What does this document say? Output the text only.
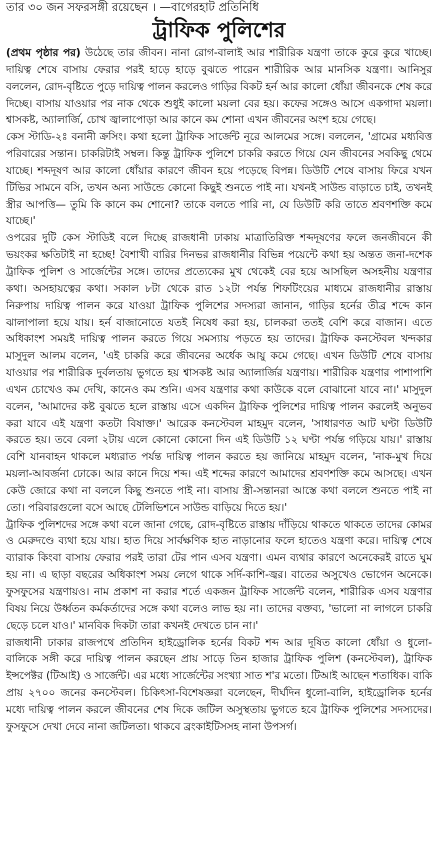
তার ৩০ জন সফরসঙ্গী রয়েছেন । —বাগেরহাট প্রতিনিধি
ট্রাফিক পুলিশের

(প্রথম পৃষ্ঠার পর) উঠেছে তার জীবন। নানা রোগ-বালাই আর শারীরিক যন্ত্রণা তাকে কুরে কুরে খাচ্ছে। দায়িত্ব শেষে বাসায় ফেরার পরই হাড়ে হাড়ে বুঝতে পারেন শারীরিক আর মানসিক যন্ত্রণা। আনিসুর বললেন, রোদ-বৃষ্টিতে পুড়ে দায়িত্ব পালন করলেও গাড়ির বিকট হর্ন আর কালো ধোঁয়া জীবনকে শেষ করে দিচ্ছে। বাসায় যাওয়ার পর নাক থেকে শুধুই কালো ময়লা বের হয়। কফের সঙ্গেও আসে একগাদা ময়লা। শ্বাসকষ্ট, অ্যালার্জি, চোখ জ্বালাপোড়া আর কানে কম শোনা এখন জীবনের অংশ হয়ে গেছে।

কেস স্টাডি-২ঃ বনানী ক্রসিং। কথা হলো ট্রাফিক সার্জেন্ট নূরে আলমের সঙ্গে। বললেন, 'গ্রামের মধ্যবিত্ত পরিবারের সন্তান। চাকরিটাই সম্বল। কিন্তু ট্রাফিক পুলিশে চাকরি করতে গিয়ে যেন জীবনের সবকিছু থেমে যাচ্ছে। শব্দদূষণ আর কালো ধোঁয়ার কারণে জীবন হয়ে পড়েছে বিপন্ন। ডিউটি শেষে বাসায় ফিরে যখন টিভির সামনে বসি, তখন অন্য সাউন্ডে কোনো কিছুই শুনতে পাই না। যখনই সাউন্ড বাড়াতে চাই, তখনই স্ত্রীর আপত্তি— তুমি কি কানে কম শোনো? তাকে বলতে পারি না, যে ডিউটি করি তাতে শ্রবণশক্তি কমে যাচ্ছে।'

ওপরের দুটি কেস স্টাডিই বলে দিচ্ছে রাজধানী ঢাকায় মাত্রাতিরিক্ত শব্দদূষণের ফলে জনজীবনে কী ভয়ংকর ক্ষতিটাই না হচ্ছে! বৈশাখী বারির দিনভর রাজধানীর বিভিন্ন পয়েন্টে কথা হয় অন্তত জনা-দশেক ট্রাফিক পুলিশ ও সার্জেন্টের সঙ্গে। তাদের প্রত্যেকের মুখ থেকেই বের হয়ে আসছিল অসহনীয় যন্ত্রণার কথা। অসহায়ত্বের কথা। সকাল ৮টা থেকে রাত ১২টা পর্যন্ত শিফটিংয়ের মাধ্যমে রাজধানীর রাস্তায় নিরুপায় দায়িত্ব পালন করে যাওয়া ট্রাফিক পুলিশের সদস্যরা জানান, গাড়ির হর্নের তীব্র শব্দে কান ঝালাপালা হয়ে যায়। হর্ন বাজানোতে যতই নিষেধ করা হয়, চালকরা ততই বেশি করে বাজান। এতে অধিকাংশ সময়ই দায়িত্ব পালন করতে গিয়ে সমস্যায় পড়তে হয় তাদের। ট্রাফিক কনস্টেবল খন্দকার মাসুদুল আলম বলেন, 'এই চাকরি করে জীবনের অর্ধেক আয়ু কমে গেছে। এখন ডিউটি শেষে বাসায় যাওয়ার পর শারীরিক দুর্বলতায় ভুগতে হয় শ্বাসকষ্ট আর অ্যালার্জির যন্ত্রণায়। শারীরিক যন্ত্রণার পাশাপাশি এখন চোখেও কম দেখি, কানেও কম শুনি। এসব যন্ত্রণার কথা কাউকে বলে বোঝানো যাবে না।' মাসুদুল বলেন, 'আমাদের কষ্ট বুঝতে হলে রাস্তায় এসে একদিন ট্রাফিক পুলিশের দায়িত্ব পালন করলেই অনুভব করা যাবে এই যন্ত্রণা কতটা বিষাক্ত।' আরেক কনস্টেবল মাহমুদ বলেন, 'সাধারণত আট ঘণ্টা ডিউটি করতে হয়। তবে বেলা ২টায় এলে কোনো কোনো দিন এই ডিউটি ১২ ঘণ্টা পর্যন্ত গড়িয়ে যায়।' রাস্তায় বেশি যানবাহন থাকলে মধ্যরাত পর্যন্ত দায়িত্ব পালন করতে হয় জানিয়ে মাহমুদ বলেন, 'নাক-মুখ দিয়ে ময়লা-আবর্জনা ঢোকে। আর কানে দিয়ে শব্দ। এই শব্দের কারণে আমাদের শ্রবণশক্তি কমে আসছে। এখন কেউ জোরে কথা না বললে কিছু শুনতে পাই না। বাসায় স্ত্রী-সন্তানরা আস্তে কথা বললে শুনতে পাই না তো। পরিবারগুলো বসে আছে টেলিভিশনে সাউন্ড বাড়িয়ে দিতে হয়।'

ট্রাফিক পুলিশদের সঙ্গে কথা বলে জানা গেছে, রোদ-বৃষ্টিতে রাস্তায় দাঁড়িয়ে থাকতে থাকতে তাদের কোমর ও মেরুদণ্ডে ব্যথা হয়ে যায়। হাত দিয়ে সার্বক্ষণিক হাত নাড়ানোর ফলে হাতেও যন্ত্রণা করে। দায়িত্ব শেষে ব্যারাক কিংবা বাসায় ফেরার পরই তারা টের পান এসব যন্ত্রণা। এমন ব্যথার কারণে অনেকেরই রাতে ঘুম হয় না। এ ছাড়া বছরের অধিকাংশ সময় লেগে থাকে সর্দি-কাশি-জ্বর। বাতের অসুখেও ভোগেন অনেকে। ফুসফুসের যন্ত্রণায়ও। নাম প্রকাশ না করার শর্তে একজন ট্রাফিক সার্জেন্ট বলেন, শারীরিক এসব যন্ত্রণার বিষয় নিয়ে উর্ধ্বতন কর্মকর্তাদের সঙ্গে কথা বলেও লাভ হয় না। তাদের বক্তব্য, 'ভালো না লাগলে চাকরি ছেড়ে চলে যাও।' মানবিক দিকটা তারা কখনই দেখতে চান না।'

রাজধানী ঢাকার রাজপথে প্রতিদিন হাইড্রোলিক হর্নের বিকট শব্দ আর দূষিত কালো ধোঁয়া ও ধুলো-বালিকে সঙ্গী করে দায়িত্ব পালন করছেন প্রায় সাড়ে তিন হাজার ট্রাফিক পুলিশ (কনস্টেবল), ট্রাফিক ইন্সপেক্টর (টিআই) ও সার্জেন্ট। এর মধ্যে সার্জেন্টের সংখ্যা সাত শ'র মতো। টিআই আছেন শতাধিক। বাকি প্রায় ২৭০০ জনের কনস্টেবল। চিকিৎসা-বিশেষজ্ঞরা বলেছেন, দীর্ঘদিন ধুলো-বালি, হাইড্রোলিক হর্নের মধ্যে দায়িত্ব পালন করলে জীবনের শেষ দিকে জটিল অসুস্থতায় ভুগতে হবে ট্রাফিক পুলিশের সদস্যদের। ফুসফুসে দেখা দেবে নানা জটিলতা। থাকবে ব্রংকাইটিসসহ নানা উপসর্গ।
